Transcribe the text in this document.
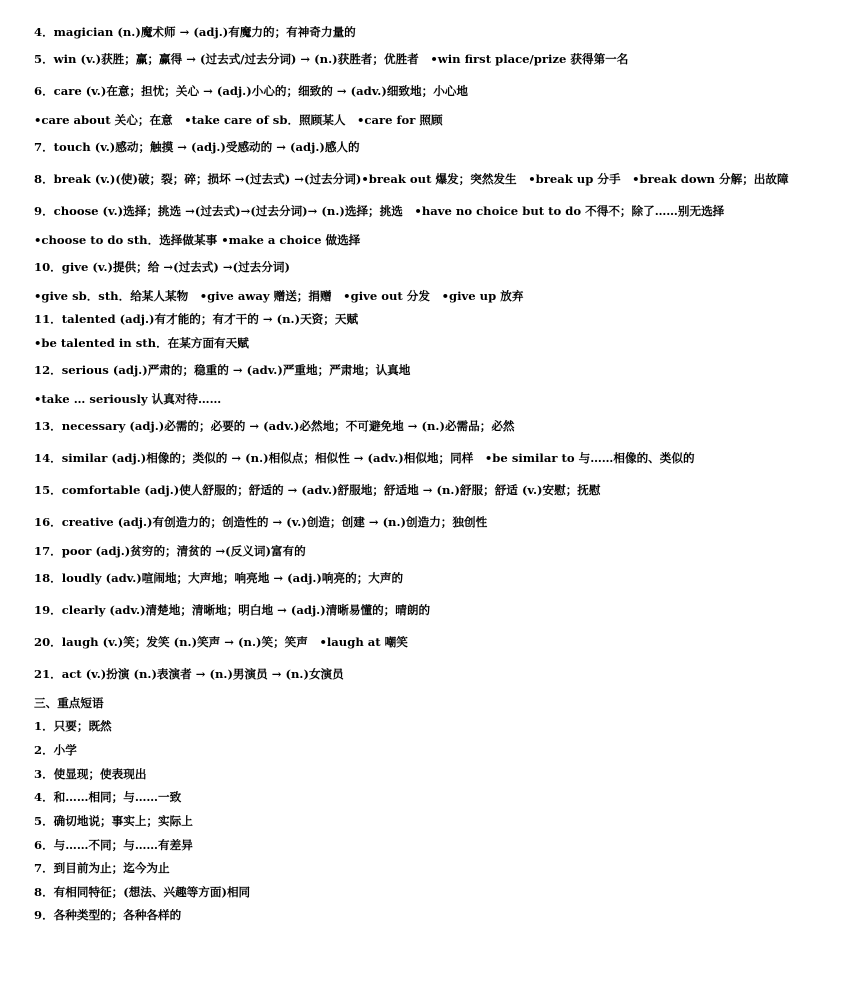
4．magician (n.)魔术师 → (adj.)有魔力的；有神奇力量的
5．win (v.)获胜；赢；赢得 → (过去式/过去分词) → (n.)获胜者；优胜者　•win first place/prize 获得第一名
6．care (v.)在意；担忧；关心 → (adj.)小心的；细致的 → (adv.)细致地；小心地
•care about 关心；在意　•take care of sb．照顾某人　•care for 照顾
7．touch (v.)感动；触摸 → (adj.)受感动的 → (adj.)感人的
8．break (v.)(使)破；裂；碎；损坏 →(过去式) →(过去分词)•break out 爆发；突然发生　•break up 分手　•break down 分解；出故障
9．choose (v.)选择；挑选 →(过去式)→(过去分词)→ (n.)选择；挑选　•have no choice but to do 不得不；除了……别无选择
•choose to do sth．选择做某事 •make a choice 做选择
10．give (v.)提供；给 →(过去式) →(过去分词)
•give sb．sth．给某人某物　•give away 赠送；捐赠　•give out 分发　•give up 放弃
11．talented (adj.)有才能的；有才干的 → (n.)天资；天赋
•be talented in sth．在某方面有天赋
12．serious (adj.)严肃的；稳重的 → (adv.)严重地；严肃地；认真地
•take … seriously 认真对待……
13．necessary (adj.)必需的；必要的 → (adv.)必然地；不可避免地 → (n.)必需品；必然
14．similar (adj.)相像的；类似的 → (n.)相似点；相似性 → (adv.)相似地；同样　•be similar to 与……相像的、类似的
15．comfortable (adj.)使人舒服的；舒适的 → (adv.)舒服地；舒适地 → (n.)舒服；舒适 (v.)安慰；抚慰
16．creative (adj.)有创造力的；创造性的 → (v.)创造；创建 → (n.)创造力；独创性
17．poor (adj.)贫穷的；清贫的 →(反义词)富有的
18．loudly (adv.)喧闹地；大声地；响亮地 → (adj.)响亮的；大声的
19．clearly (adv.)清楚地；清晰地；明白地 → (adj.)清晰易懂的；晴朗的
20．laugh (v.)笑；发笑 (n.)笑声 → (n.)笑；笑声　•laugh at 嘲笑
21．act (v.)扮演 (n.)表演者 → (n.)男演员 → (n.)女演员
三、重点短语
1．只要；既然
2．小学
3．使显现；使表现出
4．和……相同；与……一致
5．确切地说；事实上；实际上
6．与……不同；与……有差异
7．到目前为止；迄今为止
8．有相同特征；(想法、兴趣等方面)相同
9．各种类型的；各种各样的
